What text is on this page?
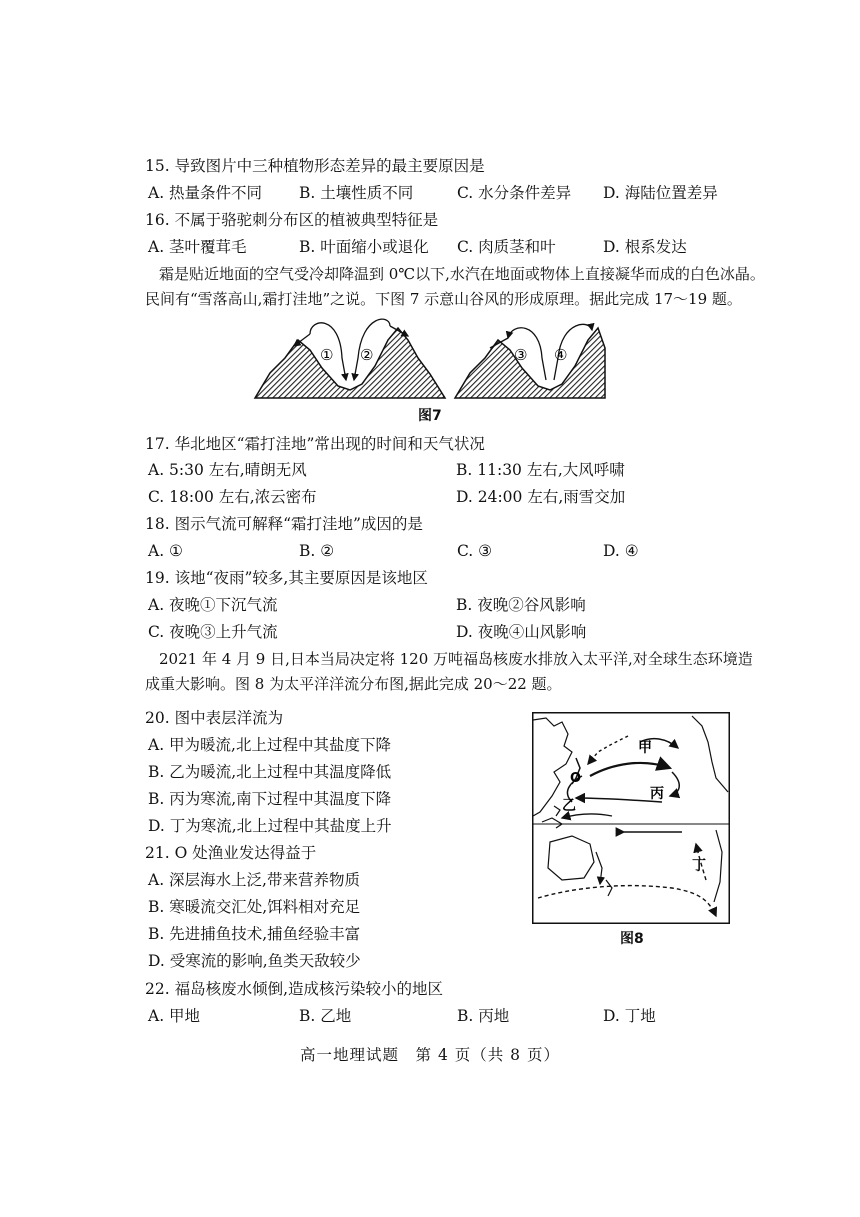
15. 导致图片中三种植物形态差异的最主要原因是
A. 热量条件不同 B. 土壤性质不同	C. 水分条件差异 D. 海陆位置差异
16. 不属于骆驼刺分布区的植被典型特征是
A. 茎叶覆茸毛	B. 叶面缩小或退化 C. 肉质茎和叶	D. 根系发达
霜是贴近地面的空气受冷却降温到 0℃以下,水汽在地面或物体上直接凝华而成的白色冰晶。民间有“雪落高山,霜打洼地”之说。下图 7 示意山谷风的形成原理。据此完成 17～19 题。
① ②	③ ④
图7
17. 华北地区“霜打洼地”常出现的时间和天气状况
A. 5:30 左右,晴朗无风	B. 11:30 左右,大风呼啸
C. 18:00 左右,浓云密布	D. 24:00 左右,雨雪交加
18. 图示气流可解释“霜打洼地”成因的是
A. ①	B. ②	C. ③	D. ④
19. 该地“夜雨”较多,其主要原因是该地区
A. 夜晚①下沉气流	B. 夜晚②谷风影响
C. 夜晚③上升气流	D. 夜晚④山风影响
2021 年 4 月 9 日,日本当局决定将 120 万吨福岛核废水排放入太平洋,对全球生态环境造成重大影响。图 8 为太平洋洋流分布图,据此完成 20～22 题。
20. 图中表层洋流为
A. 甲为暖流,北上过程中其盐度下降
B. 乙为暖流,北上过程中其温度降低
B. 丙为寒流,南下过程中其温度下降
D. 丁为寒流,北上过程中其盐度上升
21. O 处渔业发达得益于
A. 深层海水上泛,带来营养物质
B. 寒暖流交汇处,饵料相对充足
B. 先进捕鱼技术,捕鱼经验丰富
D. 受寒流的影响,鱼类天敌较少
甲
乙
丙
丁
O
图8
22. 福岛核废水倾倒,造成核污染较小的地区
A. 甲地	B. 乙地	B. 丙地	D. 丁地
高一地理试题　第 4 页（共 8 页）
